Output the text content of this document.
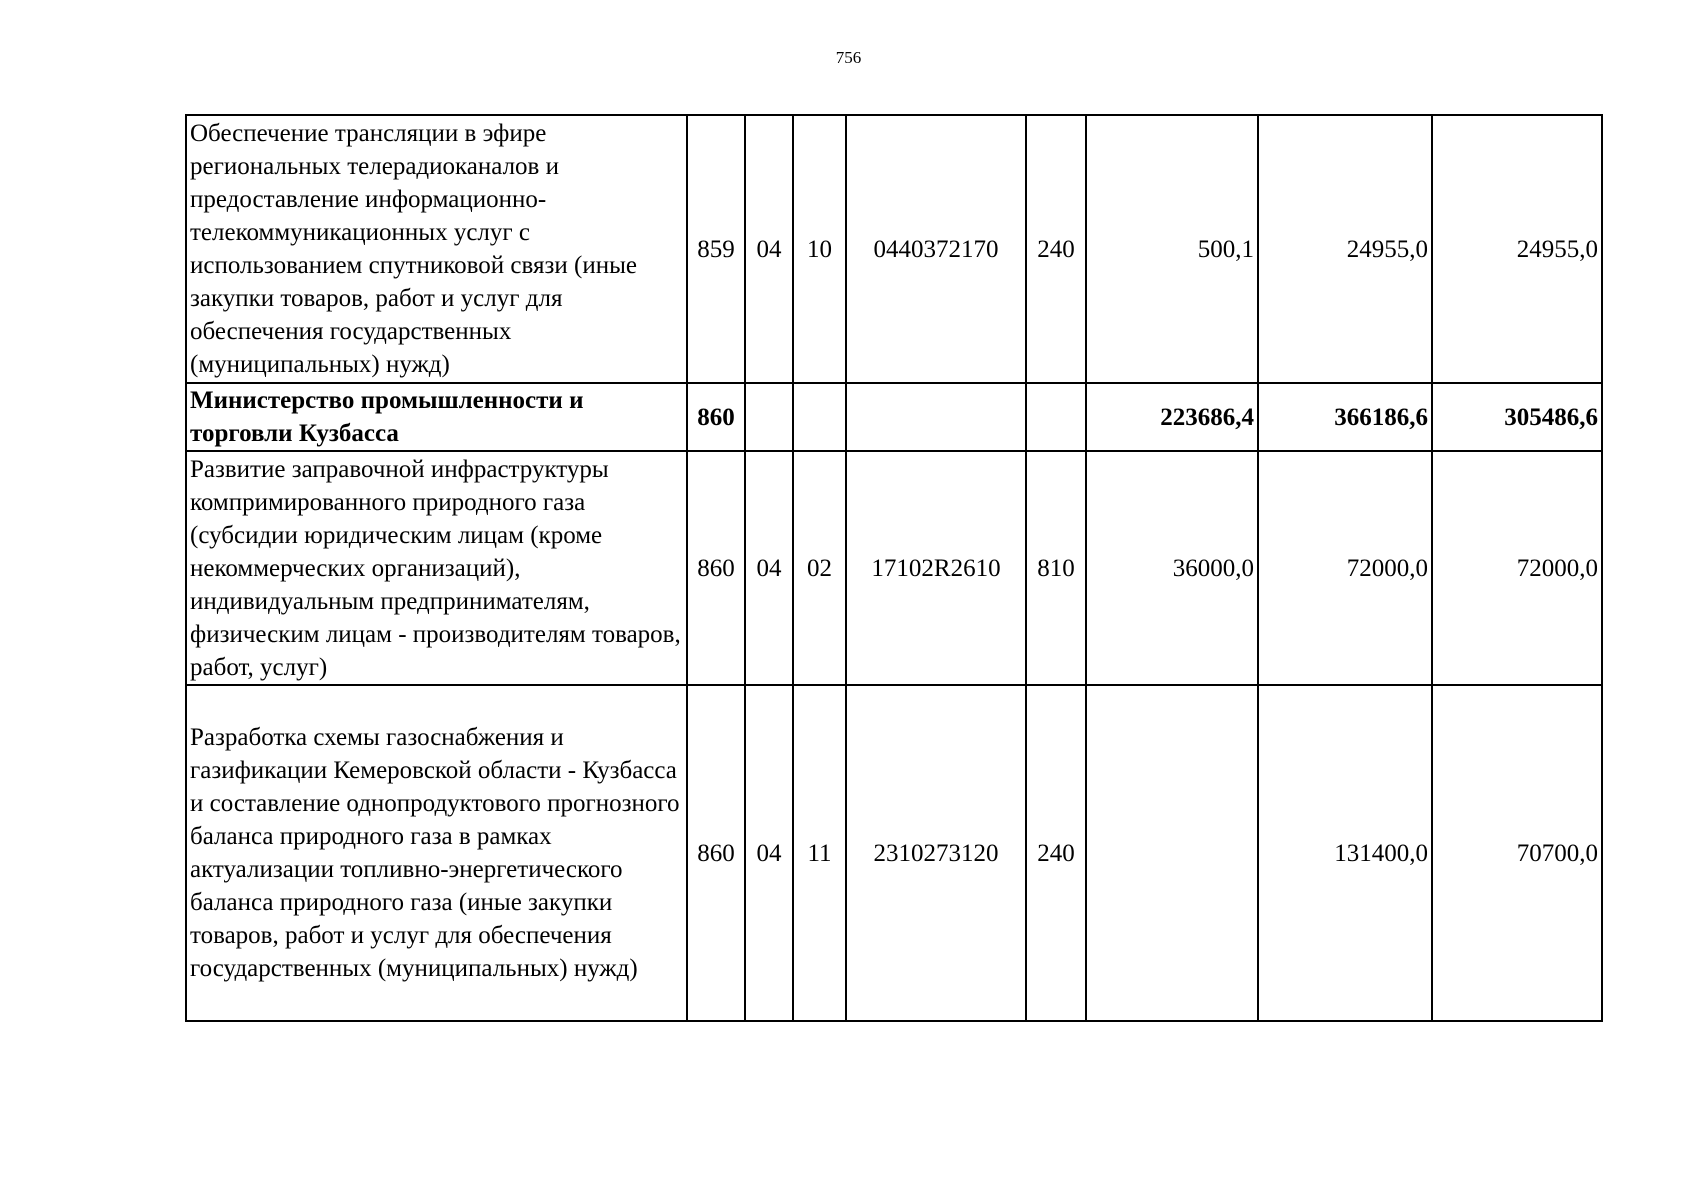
756
Обеспечение трансляции в эфире региональных телерадиоканалов и предоставление информационно-телекоммуникационных услуг с использованием спутниковой связи (иные закупки товаров, работ и услуг для обеспечения государственных (муниципальных) нужд)	859	04	10	0440372170	240	500,1	24955,0	24955,0
Министерство промышленности и торговли Кузбасса	860					223686,4	366186,6	305486,6
Развитие заправочной инфраструктуры компримированного природного газа (субсидии юридическим лицам (кроме некоммерческих организаций), индивидуальным предпринимателям, физическим лицам - производителям товаров, работ, услуг)	860	04	02	17102R2610	810	36000,0	72000,0	72000,0
Разработка схемы газоснабжения и газификации Кемеровской области - Кузбасса и составление однопродуктового прогнозного баланса природного газа в рамках актуализации топливно-энергетического баланса природного газа (иные закупки товаров, работ и услуг для обеспечения государственных (муниципальных) нужд)	860	04	11	2310273120	240		131400,0	70700,0
